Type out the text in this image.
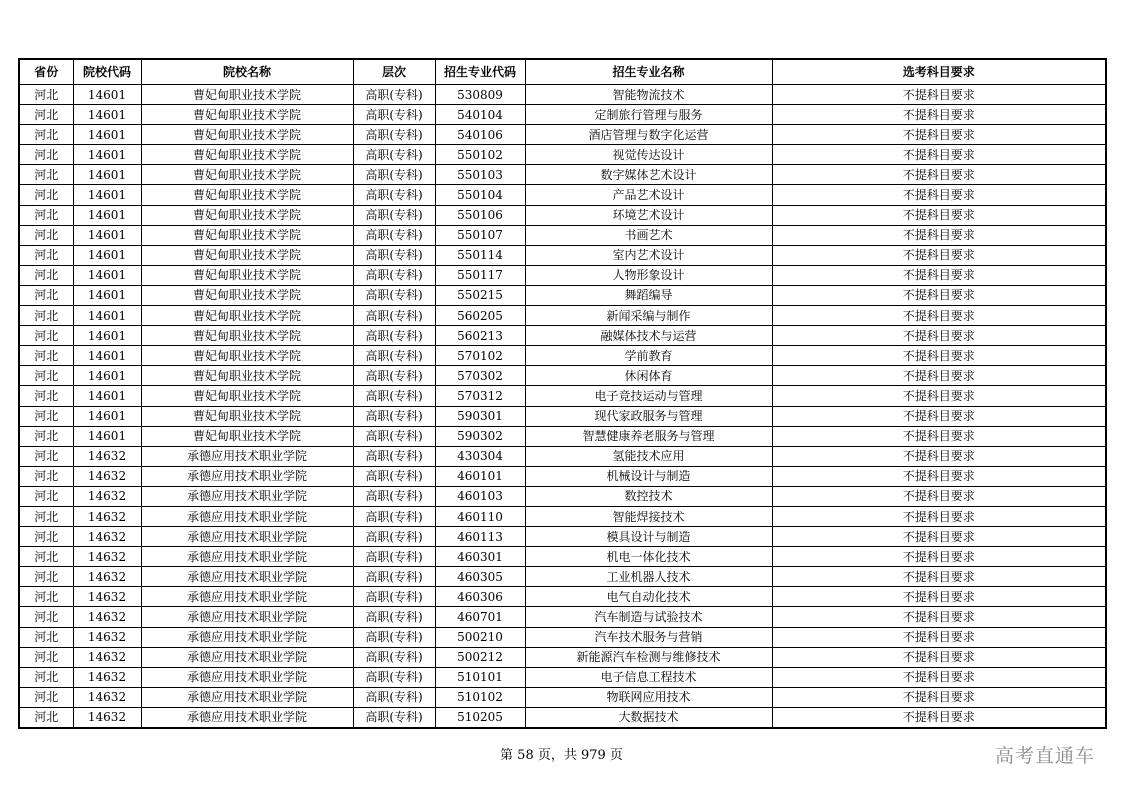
省份	院校代码	院校名称	层次	招生专业代码	招生专业名称	选考科目要求
河北	14601	曹妃甸职业技术学院	高职(专科)	530809	智能物流技术	不提科目要求
河北	14601	曹妃甸职业技术学院	高职(专科)	540104	定制旅行管理与服务	不提科目要求
河北	14601	曹妃甸职业技术学院	高职(专科)	540106	酒店管理与数字化运营	不提科目要求
河北	14601	曹妃甸职业技术学院	高职(专科)	550102	视觉传达设计	不提科目要求
河北	14601	曹妃甸职业技术学院	高职(专科)	550103	数字媒体艺术设计	不提科目要求
河北	14601	曹妃甸职业技术学院	高职(专科)	550104	产品艺术设计	不提科目要求
河北	14601	曹妃甸职业技术学院	高职(专科)	550106	环境艺术设计	不提科目要求
河北	14601	曹妃甸职业技术学院	高职(专科)	550107	书画艺术	不提科目要求
河北	14601	曹妃甸职业技术学院	高职(专科)	550114	室内艺术设计	不提科目要求
河北	14601	曹妃甸职业技术学院	高职(专科)	550117	人物形象设计	不提科目要求
河北	14601	曹妃甸职业技术学院	高职(专科)	550215	舞蹈编导	不提科目要求
河北	14601	曹妃甸职业技术学院	高职(专科)	560205	新闻采编与制作	不提科目要求
河北	14601	曹妃甸职业技术学院	高职(专科)	560213	融媒体技术与运营	不提科目要求
河北	14601	曹妃甸职业技术学院	高职(专科)	570102	学前教育	不提科目要求
河北	14601	曹妃甸职业技术学院	高职(专科)	570302	休闲体育	不提科目要求
河北	14601	曹妃甸职业技术学院	高职(专科)	570312	电子竞技运动与管理	不提科目要求
河北	14601	曹妃甸职业技术学院	高职(专科)	590301	现代家政服务与管理	不提科目要求
河北	14601	曹妃甸职业技术学院	高职(专科)	590302	智慧健康养老服务与管理	不提科目要求
河北	14632	承德应用技术职业学院	高职(专科)	430304	氢能技术应用	不提科目要求
河北	14632	承德应用技术职业学院	高职(专科)	460101	机械设计与制造	不提科目要求
河北	14632	承德应用技术职业学院	高职(专科)	460103	数控技术	不提科目要求
河北	14632	承德应用技术职业学院	高职(专科)	460110	智能焊接技术	不提科目要求
河北	14632	承德应用技术职业学院	高职(专科)	460113	模具设计与制造	不提科目要求
河北	14632	承德应用技术职业学院	高职(专科)	460301	机电一体化技术	不提科目要求
河北	14632	承德应用技术职业学院	高职(专科)	460305	工业机器人技术	不提科目要求
河北	14632	承德应用技术职业学院	高职(专科)	460306	电气自动化技术	不提科目要求
河北	14632	承德应用技术职业学院	高职(专科)	460701	汽车制造与试验技术	不提科目要求
河北	14632	承德应用技术职业学院	高职(专科)	500210	汽车技术服务与营销	不提科目要求
河北	14632	承德应用技术职业学院	高职(专科)	500212	新能源汽车检测与维修技术	不提科目要求
河北	14632	承德应用技术职业学院	高职(专科)	510101	电子信息工程技术	不提科目要求
河北	14632	承德应用技术职业学院	高职(专科)	510102	物联网应用技术	不提科目要求
河北	14632	承德应用技术职业学院	高职(专科)	510205	大数据技术	不提科目要求
第 58 页，共 979 页	高考直通车
